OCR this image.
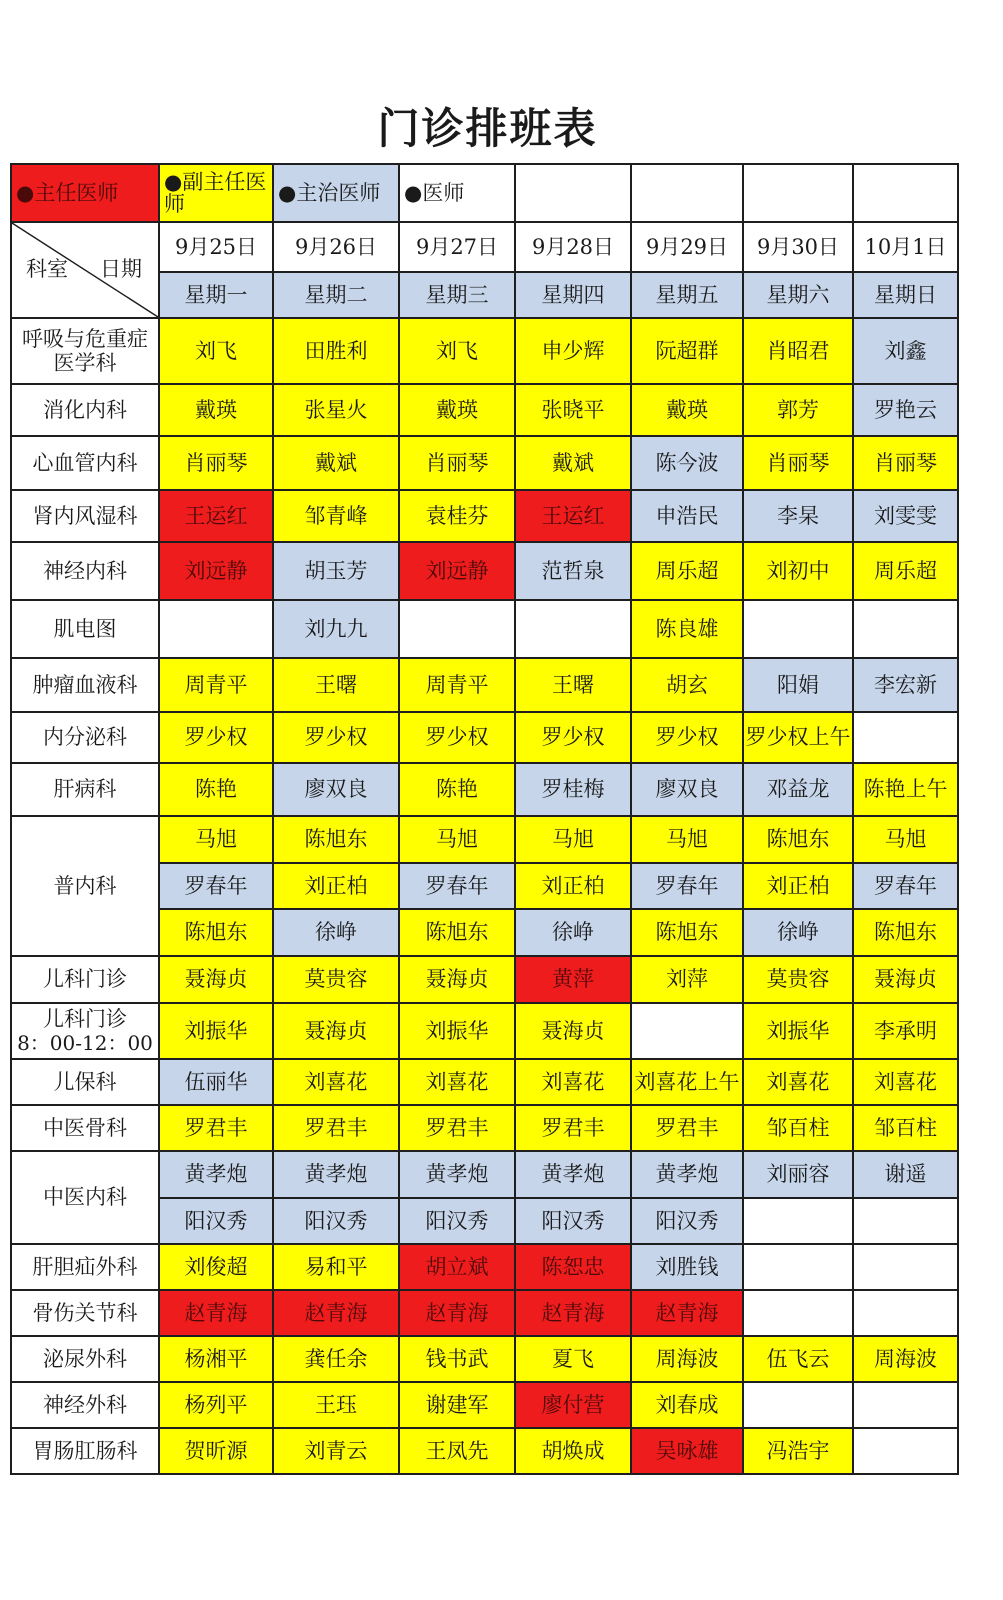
门诊排班表
●主任医师	●副主任医师	●主治医师	●医师				

科室 日期	9月25日	9月26日	9月27日	9月28日	9月29日	9月30日	10月1日
	星期一	星期二	星期三	星期四	星期五	星期六	星期日
呼吸与危重症医学科	刘飞	田胜利	刘飞	申少辉	阮超群	肖昭君	刘鑫
消化内科	戴瑛	张星火	戴瑛	张晓平	戴瑛	郭芳	罗艳云
心血管内科	肖丽琴	戴斌	肖丽琴	戴斌	陈今波	肖丽琴	肖丽琴
肾内风湿科	王运红	邹青峰	袁桂芬	王运红	申浩民	李杲	刘雯雯
神经内科	刘远静	胡玉芳	刘远静	范哲泉	周乐超	刘初中	周乐超
肌电图		刘九九			陈良雄		
肿瘤血液科	周青平	王曙	周青平	王曙	胡玄	阳娟	李宏新
内分泌科	罗少权	罗少权	罗少权	罗少权	罗少权	罗少权上午	
肝病科	陈艳	廖双良	陈艳	罗桂梅	廖双良	邓益龙	陈艳上午
普内科	马旭	陈旭东	马旭	马旭	马旭	陈旭东	马旭
	罗春年	刘正柏	罗春年	刘正柏	罗春年	刘正柏	罗春年
	陈旭东	徐峥	陈旭东	徐峥	陈旭东	徐峥	陈旭东
儿科门诊	聂海贞	莫贵容	聂海贞	黄萍	刘萍	莫贵容	聂海贞
儿科门诊
8：00-12：00	刘振华	聂海贞	刘振华	聂海贞		刘振华	李承明
儿保科	伍丽华	刘喜花	刘喜花	刘喜花	刘喜花上午	刘喜花	刘喜花
中医骨科	罗君丰	罗君丰	罗君丰	罗君丰	罗君丰	邹百柱	邹百柱
中医内科	黄孝炮	黄孝炮	黄孝炮	黄孝炮	黄孝炮	刘丽容	谢遥
	阳汉秀	阳汉秀	阳汉秀	阳汉秀	阳汉秀		
肝胆疝外科	刘俊超	易和平	胡立斌	陈恕忠	刘胜钱		
骨伤关节科	赵青海	赵青海	赵青海	赵青海	赵青海		
泌尿外科	杨湘平	龚任余	钱书武	夏飞	周海波	伍飞云	周海波
神经外科	杨列平	王珏	谢建军	廖付营	刘春成		
胃肠肛肠科	贺昕源	刘青云	王凤先	胡焕成	吴咏雄	冯浩宇	
